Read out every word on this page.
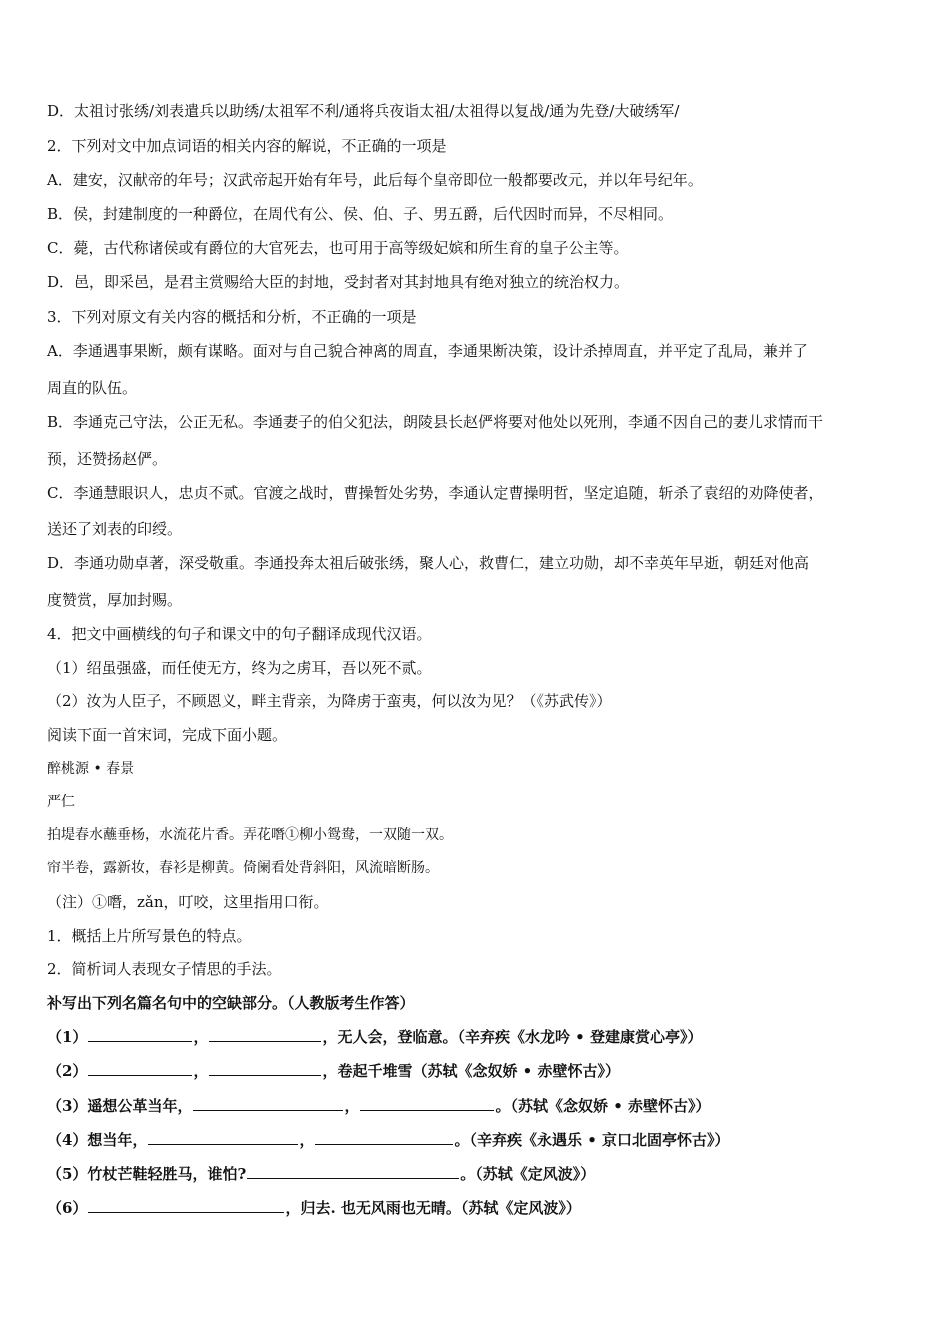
D．太祖讨张绣/刘表遣兵以助绣/太祖军不利/通将兵夜诣太祖/太祖得以复战/通为先登/大破绣军/
2．下列对文中加点词语的相关内容的解说，不正确的一项是
A．建安，汉献帝的年号；汉武帝起开始有年号，此后每个皇帝即位一般都要改元，并以年号纪年。
B．侯，封建制度的一种爵位，在周代有公、侯、伯、子、男五爵，后代因时而异，不尽相同。
C．薨，古代称诸侯或有爵位的大官死去，也可用于高等级妃嫔和所生育的皇子公主等。
D．邑，即采邑，是君主赏赐给大臣的封地，受封者对其封地具有绝对独立的统治权力。
3．下列对原文有关内容的概括和分析，不正确的一项是
A．李通遇事果断，颇有谋略。面对与自己貌合神离的周直，李通果断决策，设计杀掉周直，并平定了乱局，兼并了
周直的队伍。
B．李通克己守法，公正无私。李通妻子的伯父犯法，朗陵县长赵俨将要对他处以死刑，李通不因自己的妻儿求情而干
预，还赞扬赵俨。
C．李通慧眼识人，忠贞不贰。官渡之战时，曹操暂处劣势，李通认定曹操明哲，坚定追随，斩杀了袁绍的劝降使者，
送还了刘表的印绶。
D．李通功勋卓著，深受敬重。李通投奔太祖后破张绣，聚人心，救曹仁，建立功勋，却不幸英年早逝，朝廷对他高
度赞赏，厚加封赐。
4．把文中画横线的句子和课文中的句子翻译成现代汉语。
（1）绍虽强盛，而任使无方，终为之虏耳，吾以死不贰。
（2）汝为人臣子，不顾恩义，畔主背亲，为降虏于蛮夷，何以汝为见？（《苏武传》）
阅读下面一首宋词，完成下面小题。
醉桃源 • 春景
严仁
拍堤春水蘸垂杨，水流花片香。弄花噆①柳小鸳鸯，一双随一双。
帘半卷，露新妆，春衫是柳黄。倚阑看处背斜阳，风流暗断肠。
（注）①噆，zǎn，叮咬，这里指用口衔。
1．概括上片所写景色的特点。
2．简析词人表现女子情思的手法。
补写出下列名篇名句中的空缺部分。（人教版考生作答）
（1）	，	，无人会，登临意。（辛弃疾《水龙吟 • 登建康赏心亭》）
（2）	，	，卷起千堆雪（苏轼《念奴娇 • 赤壁怀古》）
（3）遥想公革当年，	，	。（苏轼《念奴娇 • 赤壁怀古》）
（4）想当年，	，	。（辛弃疾《永遇乐 • 京口北固亭怀古》）
（5）竹杖芒鞋轻胜马，谁怕?	。（苏轼《定风波》）
（6）	，归去. 也无风雨也无晴。（苏轼《定风波》）
